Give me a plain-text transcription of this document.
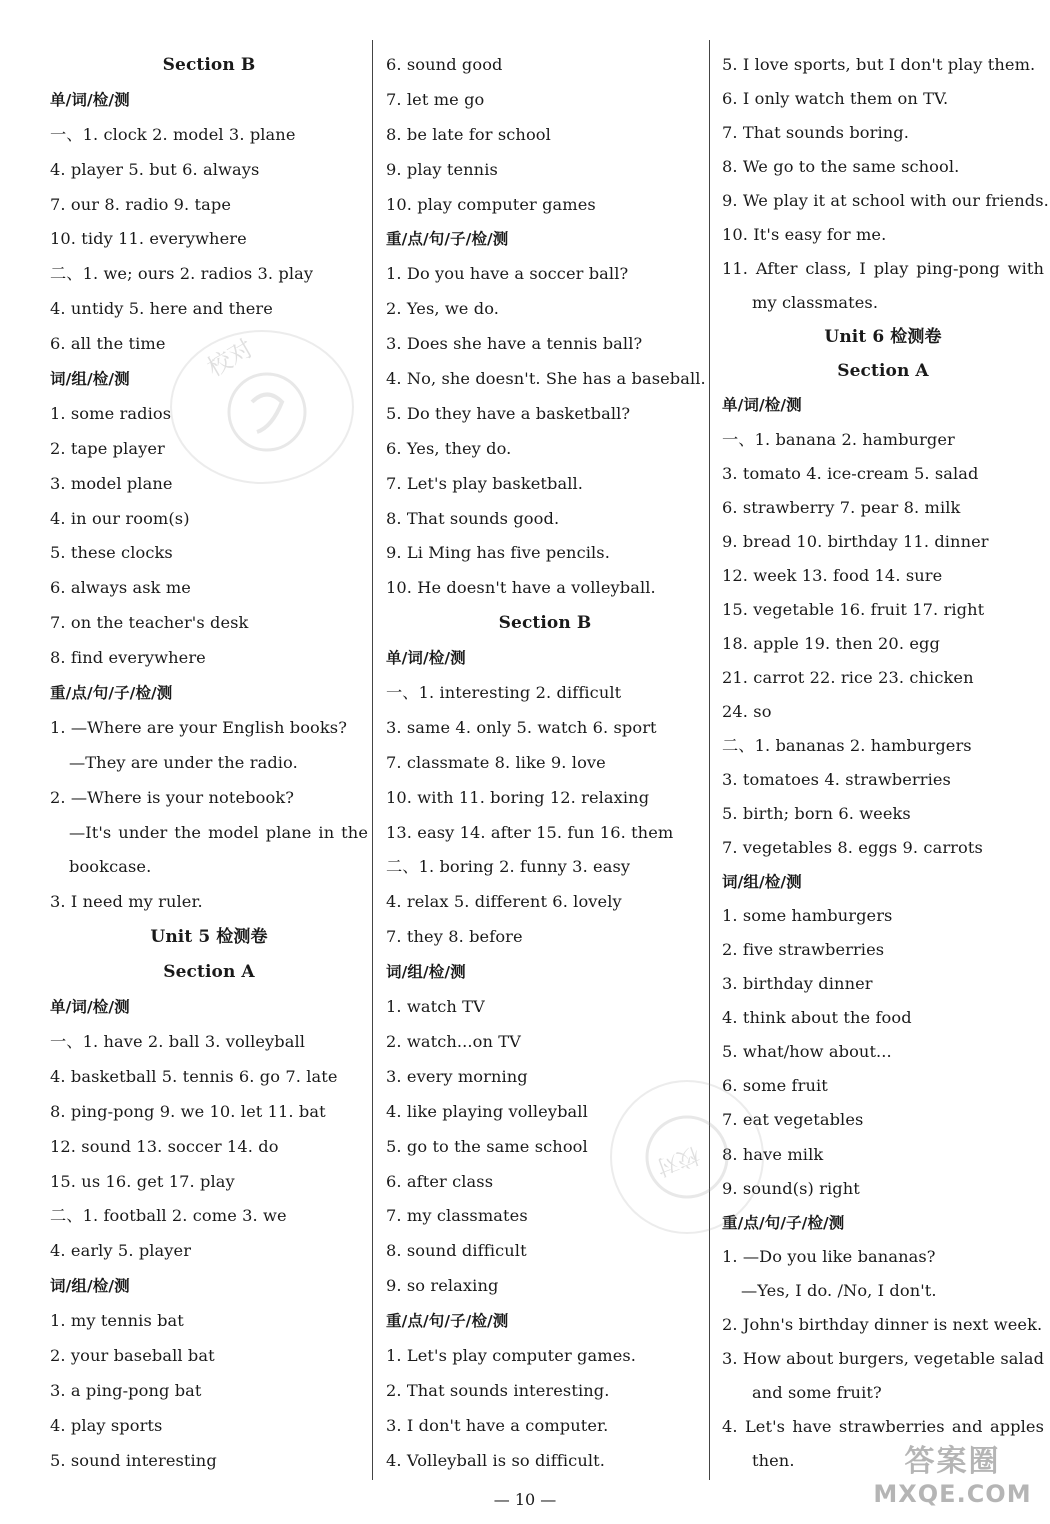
Section B
单/词/检/测
一、1. clock 2. model 3. plane
4. player 5. but 6. always
7. our 8. radio 9. tape
10. tidy 11. everywhere
二、1. we; ours 2. radios 3. play
4. untidy 5. here and there
6. all the time
词/组/检/测
1. some radios
2. tape player
3. model plane
4. in our room(s)
5. these clocks
6. always ask me
7. on the teacher's desk
8. find everywhere
重/点/句/子/检/测
1. —Where are your English books?
—They are under the radio.
2. —Where is your notebook?
—It's under the model plane in the
bookcase.
3. I need my ruler.
Unit 5 检测卷
Section A
单/词/检/测
一、1. have 2. ball 3. volleyball
4. basketball 5. tennis 6. go 7. late
8. ping-pong 9. we 10. let 11. bat
12. sound 13. soccer 14. do
15. us 16. get 17. play
二、1. football 2. come 3. we
4. early 5. player
词/组/检/测
1. my tennis bat
2. your baseball bat
3. a ping-pong bat
4. play sports
5. sound interesting
6. sound good
7. let me go
8. be late for school
9. play tennis
10. play computer games
重/点/句/子/检/测
1. Do you have a soccer ball?
2. Yes, we do.
3. Does she have a tennis ball?
4. No, she doesn't. She has a baseball.
5. Do they have a basketball?
6. Yes, they do.
7. Let's play basketball.
8. That sounds good.
9. Li Ming has five pencils.
10. He doesn't have a volleyball.
Section B
单/词/检/测
一、1. interesting 2. difficult
3. same 4. only 5. watch 6. sport
7. classmate 8. like 9. love
10. with 11. boring 12. relaxing
13. easy 14. after 15. fun 16. them
二、1. boring 2. funny 3. easy
4. relax 5. different 6. lovely
7. they 8. before
词/组/检/测
1. watch TV
2. watch...on TV
3. every morning
4. like playing volleyball
5. go to the same school
6. after class
7. my classmates
8. sound difficult
9. so relaxing
重/点/句/子/检/测
1. Let's play computer games.
2. That sounds interesting.
3. I don't have a computer.
4. Volleyball is so difficult.
5. I love sports, but I don't play them.
6. I only watch them on TV.
7. That sounds boring.
8. We go to the same school.
9. We play it at school with our friends.
10. It's easy for me.
11. After class, I play ping-pong with
my classmates.
Unit 6 检测卷
Section A
单/词/检/测
一、1. banana 2. hamburger
3. tomato 4. ice-cream 5. salad
6. strawberry 7. pear 8. milk
9. bread 10. birthday 11. dinner
12. week 13. food 14. sure
15. vegetable 16. fruit 17. right
18. apple 19. then 20. egg
21. carrot 22. rice 23. chicken
24. so
二、1. bananas 2. hamburgers
3. tomatoes 4. strawberries
5. birth; born 6. weeks
7. vegetables 8. eggs 9. carrots
词/组/检/测
1. some hamburgers
2. five strawberries
3. birthday dinner
4. think about the food
5. what/how about...
6. some fruit
7. eat vegetables
8. have milk
9. sound(s) right
重/点/句/子/检/测
1. —Do you like bananas?
—Yes, I do. /No, I don't.
2. John's birthday dinner is next week.
3. How about burgers, vegetable salad
and some fruit?
4. Let's have strawberries and apples
then.
校对
校对
— 10 —
答案圈
MXQE.COM
